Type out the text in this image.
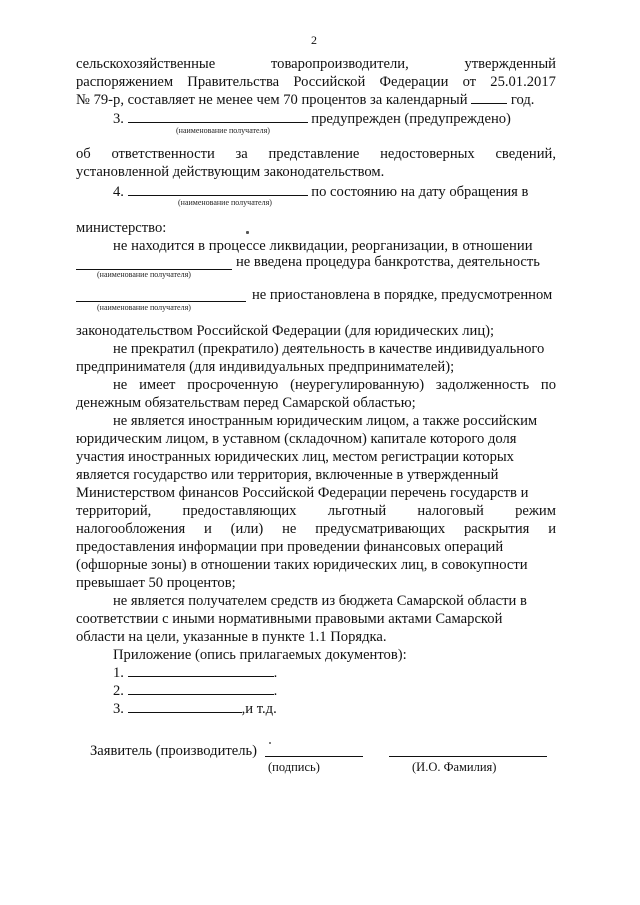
2
сельскохозяйственные	товаропроизводители,	утвержденный
распоряжением Правительства Российской Федерации от 25.01.2017
№ 79-р, составляет не менее чем 70 процентов за календарный	год.
3.	предупрежден (предупреждено)
(наименование получателя)
об ответственности за представление недостоверных сведений,
установленной действующим законодательством.
4.	по состоянию на дату обращения в
(наименование получателя)
министерство:
не находится в процессе ликвидации, реорганизации, в отношении
не введена процедура банкротства, деятельность
(наименование получателя)
не приостановлена в порядке, предусмотренном
(наименование получателя)
законодательством Российской Федерации (для юридических лиц);
не прекратил (прекратило) деятельность в качестве индивидуального
предпринимателя (для индивидуальных предпринимателей);
не имеет просроченную (неурегулированную) задолженность по
денежным обязательствам перед Самарской областью;
не является иностранным юридическим лицом, а также российским
юридическим лицом, в уставном (складочном) капитале которого доля
участия иностранных юридических лиц, местом регистрации которых
является государство или территория, включенные в утвержденный
Министерством финансов Российской Федерации перечень государств и
территорий, предоставляющих льготный налоговый режим
налогообложения и (или) не предусматривающих раскрытия и
предоставления информации при проведении финансовых операций
(офшорные зоны) в отношении таких юридических лиц, в совокупности
превышает 50 процентов;
не является получателем средств из бюджета Самарской области в
соответствии с иными нормативными правовыми актами Самарской
области на цели, указанные в пункте 1.1 Порядка.
Приложение (опись прилагаемых документов):
1.	.
2.	.
3.	,и т.д.
Заявитель (производитель)
(подпись)	(И.О. Фамилия)
